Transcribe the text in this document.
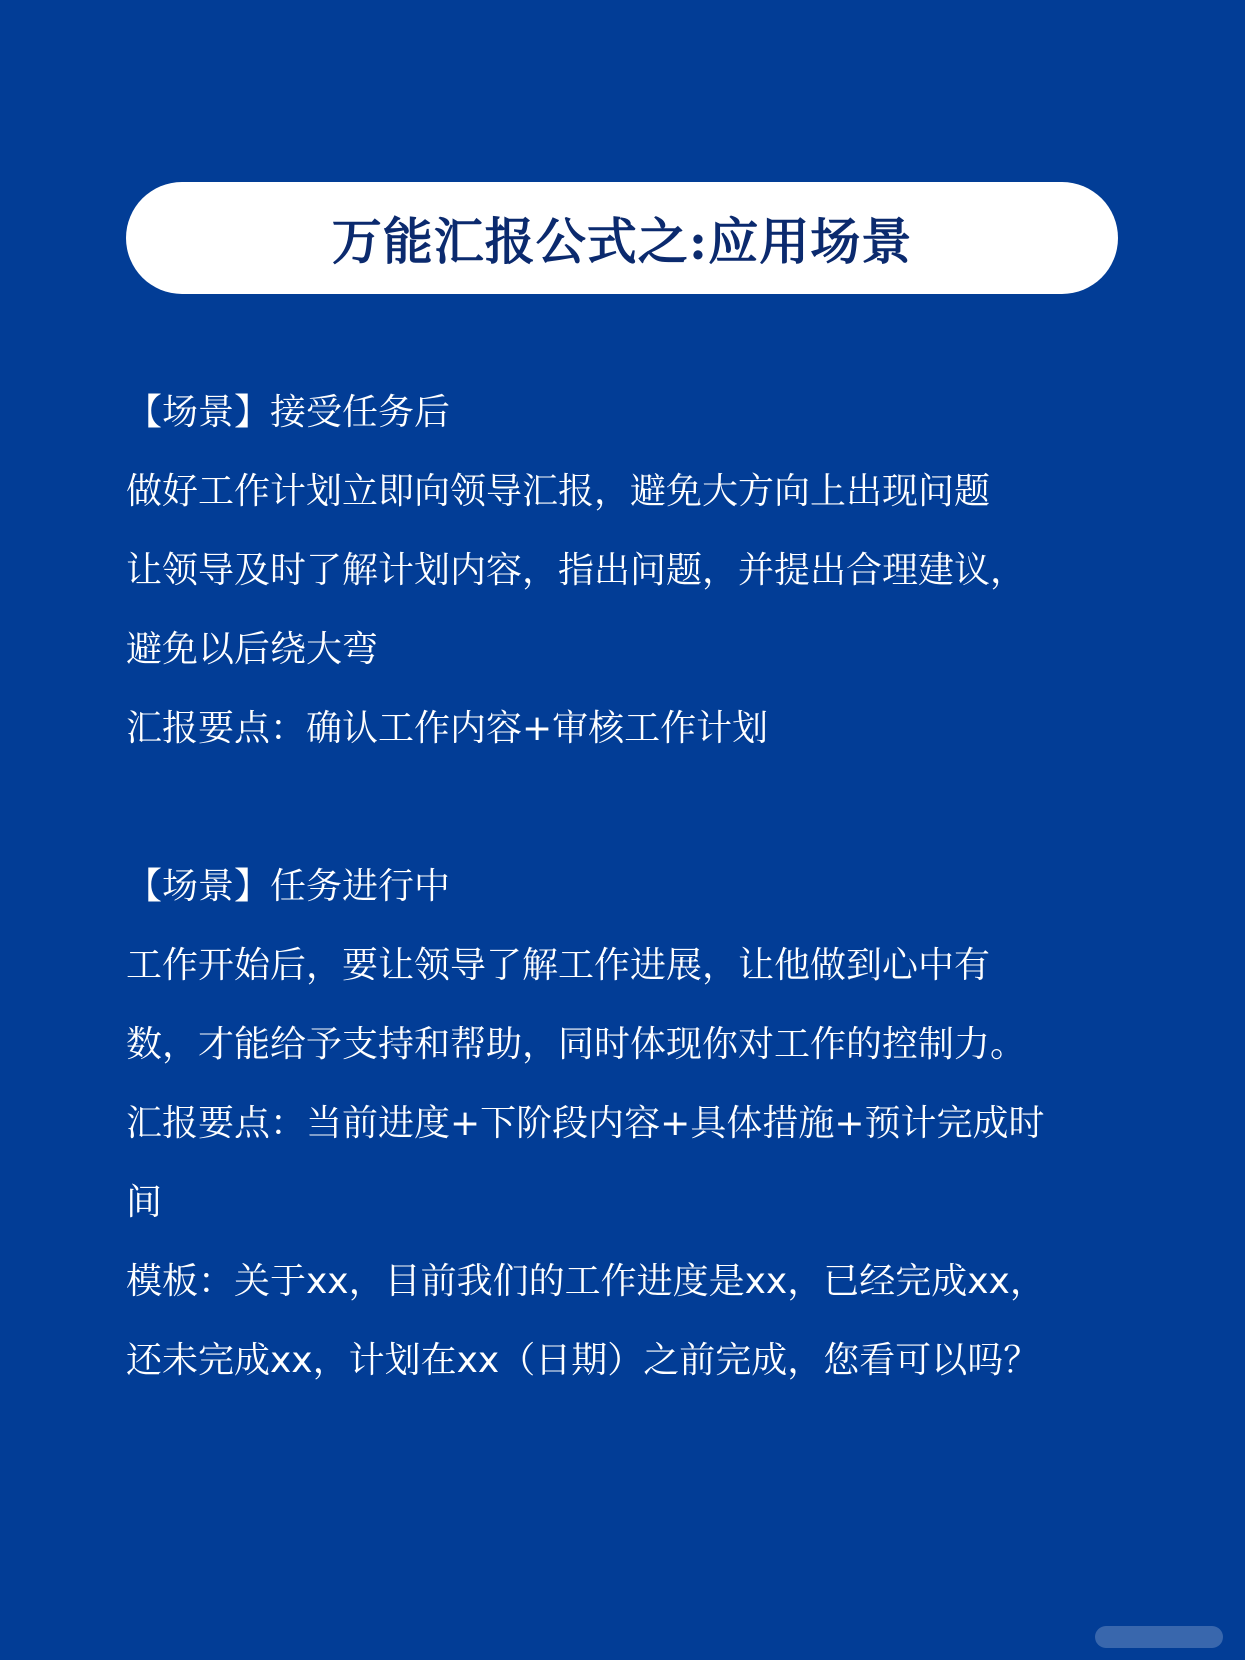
万能汇报公式之:应用场景
【场景】接受任务后
做好工作计划立即向领导汇报，避免大方向上出现问题
让领导及时了解计划内容，指出问题，并提出合理建议，
避免以后绕大弯
汇报要点：确认工作内容+审核工作计划
【场景】任务进行中
工作开始后，要让领导了解工作进展，让他做到心中有
数，才能给予支持和帮助，同时体现你对工作的控制力。
汇报要点：当前进度+下阶段内容+具体措施+预计完成时
间
模板：关于xx，目前我们的工作进度是xx，已经完成xx，
还未完成xx，计划在xx（日期）之前完成，您看可以吗？
